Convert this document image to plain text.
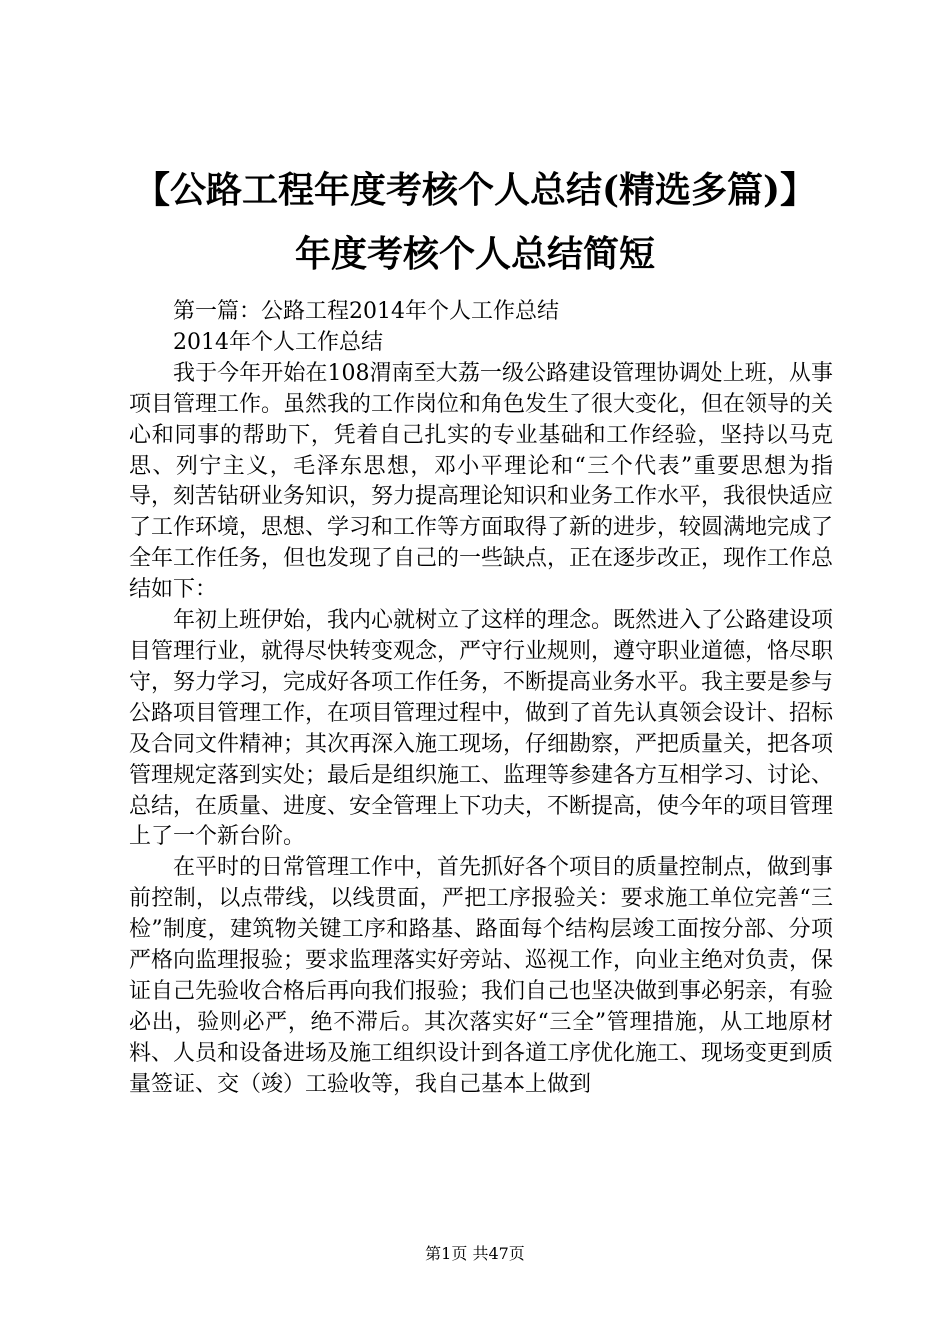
【公路工程年度考核个人总结(精选多篇)】年度考核个人总结简短

第一篇：公路工程2014年个人工作总结

2014年个人工作总结

我于今年开始在108渭南至大荔一级公路建设管理协调处上班，从事项目管理工作。虽然我的工作岗位和角色发生了很大变化，但在领导的关心和同事的帮助下，凭着自己扎实的专业基础和工作经验，坚持以马克思、列宁主义，毛泽东思想，邓小平理论和“三个代表”重要思想为指导，刻苦钻研业务知识，努力提高理论知识和业务工作水平，我很快适应了工作环境，思想、学习和工作等方面取得了新的进步，较圆满地完成了全年工作任务，但也发现了自己的一些缺点，正在逐步改正，现作工作总结如下：

年初上班伊始，我内心就树立了这样的理念。既然进入了公路建设项目管理行业，就得尽快转变观念，严守行业规则，遵守职业道德，恪尽职守，努力学习，完成好各项工作任务，不断提高业务水平。我主要是参与公路项目管理工作，在项目管理过程中，做到了首先认真领会设计、招标及合同文件精神；其次再深入施工现场，仔细勘察，严把质量关，把各项管理规定落到实处；最后是组织施工、监理等参建各方互相学习、讨论、总结，在质量、进度、安全管理上下功夫，不断提高，使今年的项目管理上了一个新台阶。

在平时的日常管理工作中，首先抓好各个项目的质量控制点，做到事前控制，以点带线，以线贯面，严把工序报验关：要求施工单位完善“三检”制度，建筑物关键工序和路基、路面每个结构层竣工面按分部、分项严格向监理报验；要求监理落实好旁站、巡视工作，向业主绝对负责，保证自己先验收合格后再向我们报验；我们自己也坚决做到事必躬亲，有验必出，验则必严，绝不滞后。其次落实好“三全”管理措施，从工地原材料、人员和设备进场及施工组织设计到各道工序优化施工、现场变更到质量签证、交（竣）工验收等，我自己基本上做到

第1页 共47页
